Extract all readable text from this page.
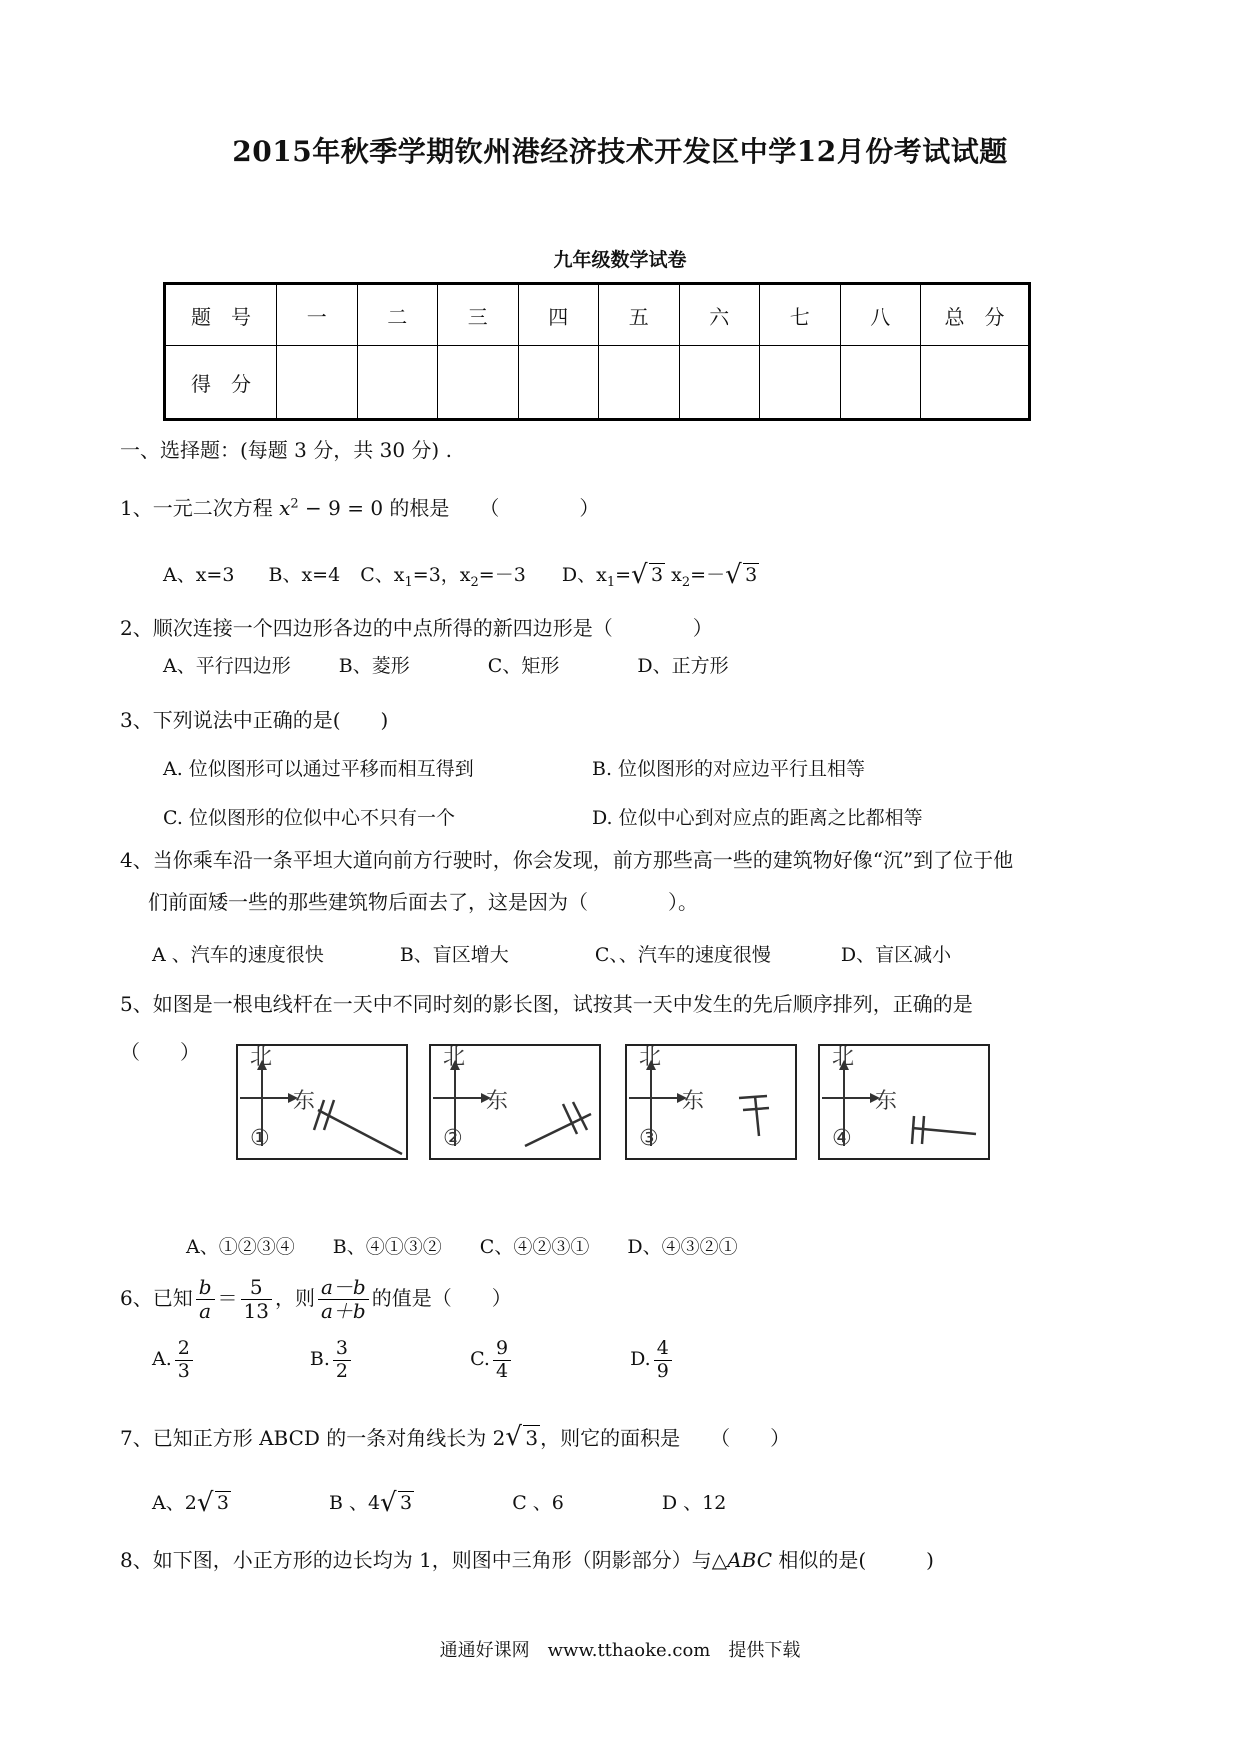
2015年秋季学期钦州港经济技术开发区中学12月份考试试题
九年级数学试卷
题　号	一	二	三	四	五	六	七	八	总　分
得　分									
一、选择题：(每题 3 分，共 30 分) .
1、一元二次方程 $x^2 - 9 = 0$ 的根是 （　　　　）
A、x=3 B、x=4 C、$x_1=3$，$x_2=-3$ D、$x_1=$ √ 3 $x_2=-$ √ 3
2、顺次连接一个四边形各边的中点所得的新四边形是（　　　　）
A、平行四边形	B、菱形	C、矩形	D、正方形
3、下列说法中正确的是(　　)
A. 位似图形可以通过平移而相互得到	B. 位似图形的对应边平行且相等
C. 位似图形的位似中心不只有一个	D. 位似中心到对应点的距离之比都相等
4、当你乘车沿一条平坦大道向前方行驶时，你会发现，前方那些高一些的建筑物好像“沉”到了位于他
们前面矮一些的那些建筑物后面去了，这是因为（　　　　）。
A 、汽车的速度很快	B、盲区增大	C、、汽车的速度很慢	D、盲区减小
5、如图是一根电线杆在一天中不同时刻的影长图，试按其一天中发生的先后顺序排列，正确的是
（　　） 北
东
①
北
东
②
北
东
③
北
东
④
A、①②③④ B、④①③② C、④②③① D、④③②①
6、已知 $\frac{b}{a} = \frac{5}{13}$ ，则 $\frac{a-b}{a+b}$ 的值是（　　）
A. $\frac{2}{3}$	B. $\frac{3}{2}$	C. $\frac{9}{4}$	D. $\frac{4}{9}$
7、已知正方形 ABCD 的一条对角线长为 2 √ 3 ，则它的面积是 （　　）
A、2 √ 3	B 、4 √ 3	C 、6	D 、12
8、如下图，小正方形的边长均为 1，则图中三角形（阴影部分）与△ABC 相似的是(　　　)
通通好课网　www.tthaoke.com　提供下载
